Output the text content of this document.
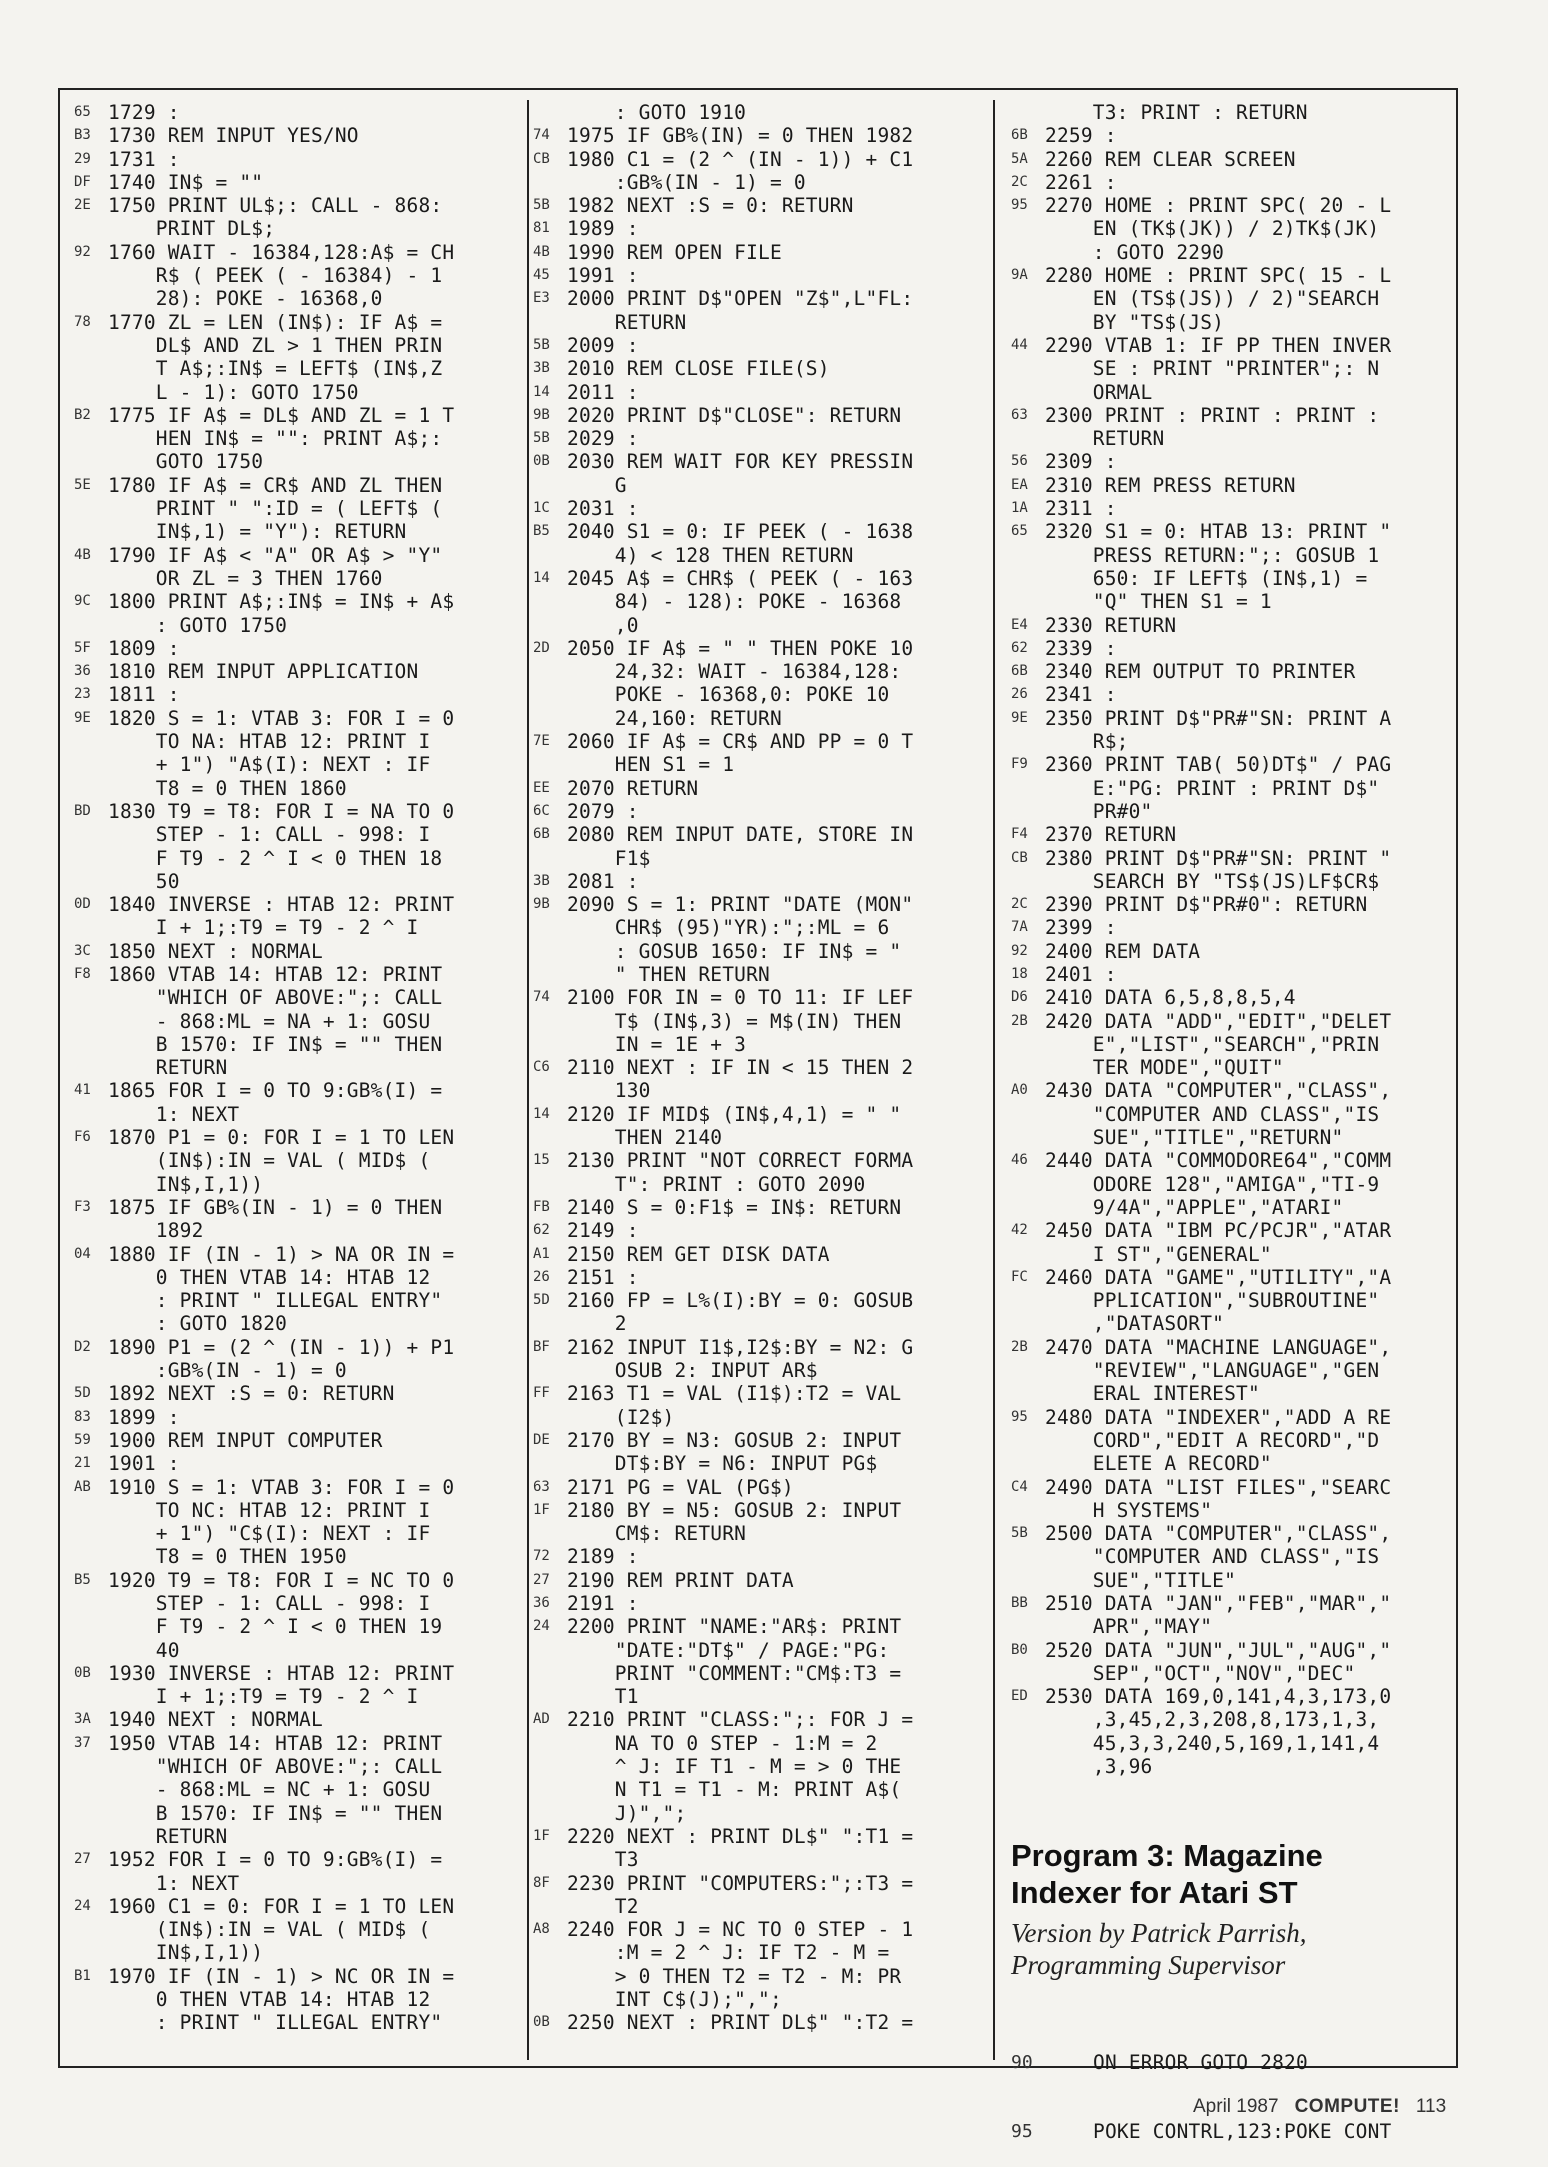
65 1729 :
B3 1730 REM INPUT YES/NO
29 1731 :
DF 1740 IN$ = ""
2E 1750 PRINT UL$;: CALL - 868:
PRINT DL$;
92 1760 WAIT - 16384,128:A$ = CH
R$ ( PEEK ( - 16384) - 1
28): POKE - 16368,0
78 1770 ZL = LEN (IN$): IF A$ =
DL$ AND ZL > 1 THEN PRIN
T A$;:IN$ = LEFT$ (IN$,Z
L - 1): GOTO 1750
B2 1775 IF A$ = DL$ AND ZL = 1 T
HEN IN$ = "": PRINT A$;:
GOTO 1750
5E 1780 IF A$ = CR$ AND ZL THEN
PRINT " ":ID = ( LEFT$ (
IN$,1) = "Y"): RETURN
4B 1790 IF A$ < "A" OR A$ > "Y"
OR ZL = 3 THEN 1760
9C 1800 PRINT A$;:IN$ = IN$ + A$
: GOTO 1750
5F 1809 :
36 1810 REM INPUT APPLICATION
23 1811 :
9E 1820 S = 1: VTAB 3: FOR I = 0
TO NA: HTAB 12: PRINT I
+ 1") "A$(I): NEXT : IF
T8 = 0 THEN 1860
BD 1830 T9 = T8: FOR I = NA TO 0
STEP - 1: CALL - 998: I
F T9 - 2 ^ I < 0 THEN 18
50
0D 1840 INVERSE : HTAB 12: PRINT
I + 1;:T9 = T9 - 2 ^ I
3C 1850 NEXT : NORMAL
F8 1860 VTAB 14: HTAB 12: PRINT
"WHICH OF ABOVE:";: CALL
- 868:ML = NA + 1: GOSU
B 1570: IF IN$ = "" THEN
RETURN
41 1865 FOR I = 0 TO 9:GB%(I) =
1: NEXT
F6 1870 P1 = 0: FOR I = 1 TO LEN
(IN$):IN = VAL ( MID$ (
IN$,I,1))
F3 1875 IF GB%(IN - 1) = 0 THEN
1892
04 1880 IF (IN - 1) > NA OR IN =
0 THEN VTAB 14: HTAB 12
: PRINT " ILLEGAL ENTRY"
: GOTO 1820
D2 1890 P1 = (2 ^ (IN - 1)) + P1
:GB%(IN - 1) = 0
5D 1892 NEXT :S = 0: RETURN
83 1899 :
59 1900 REM INPUT COMPUTER
21 1901 :
AB 1910 S = 1: VTAB 3: FOR I = 0
TO NC: HTAB 12: PRINT I
+ 1") "C$(I): NEXT : IF
T8 = 0 THEN 1950
B5 1920 T9 = T8: FOR I = NC TO 0
STEP - 1: CALL - 998: I
F T9 - 2 ^ I < 0 THEN 19
40
0B 1930 INVERSE : HTAB 12: PRINT
I + 1;:T9 = T9 - 2 ^ I
3A 1940 NEXT : NORMAL
37 1950 VTAB 14: HTAB 12: PRINT
"WHICH OF ABOVE:";: CALL
- 868:ML = NC + 1: GOSU
B 1570: IF IN$ = "" THEN
RETURN
27 1952 FOR I = 0 TO 9:GB%(I) =
1: NEXT
24 1960 C1 = 0: FOR I = 1 TO LEN
(IN$):IN = VAL ( MID$ (
IN$,I,1))
B1 1970 IF (IN - 1) > NC OR IN =
0 THEN VTAB 14: HTAB 12
: PRINT " ILLEGAL ENTRY"
: GOTO 1910
74 1975 IF GB%(IN) = 0 THEN 1982
CB 1980 C1 = (2 ^ (IN - 1)) + C1
:GB%(IN - 1) = 0
5B 1982 NEXT :S = 0: RETURN
81 1989 :
4B 1990 REM OPEN FILE
45 1991 :
E3 2000 PRINT D$"OPEN "Z$",L"FL:
RETURN
5B 2009 :
3B 2010 REM CLOSE FILE(S)
14 2011 :
9B 2020 PRINT D$"CLOSE": RETURN
5B 2029 :
0B 2030 REM WAIT FOR KEY PRESSIN
G
1C 2031 :
B5 2040 S1 = 0: IF PEEK ( - 1638
4) < 128 THEN RETURN
14 2045 A$ = CHR$ ( PEEK ( - 163
84) - 128): POKE - 16368
,0
2D 2050 IF A$ = " " THEN POKE 10
24,32: WAIT - 16384,128:
POKE - 16368,0: POKE 10
24,160: RETURN
7E 2060 IF A$ = CR$ AND PP = 0 T
HEN S1 = 1
EE 2070 RETURN
6C 2079 :
6B 2080 REM INPUT DATE, STORE IN
F1$
3B 2081 :
9B 2090 S = 1: PRINT "DATE (MON"
CHR$ (95)"YR):";:ML = 6
: GOSUB 1650: IF IN$ = "
" THEN RETURN
74 2100 FOR IN = 0 TO 11: IF LEF
T$ (IN$,3) = M$(IN) THEN
IN = 1E + 3
C6 2110 NEXT : IF IN < 15 THEN 2
130
14 2120 IF MID$ (IN$,4,1) = " "
THEN 2140
15 2130 PRINT "NOT CORRECT FORMA
T": PRINT : GOTO 2090
FB 2140 S = 0:F1$ = IN$: RETURN
62 2149 :
A1 2150 REM GET DISK DATA
26 2151 :
5D 2160 FP = L%(I):BY = 0: GOSUB
2
BF 2162 INPUT I1$,I2$:BY = N2: G
OSUB 2: INPUT AR$
FF 2163 T1 = VAL (I1$):T2 = VAL
(I2$)
DE 2170 BY = N3: GOSUB 2: INPUT
DT$:BY = N6: INPUT PG$
63 2171 PG = VAL (PG$)
1F 2180 BY = N5: GOSUB 2: INPUT
CM$: RETURN
72 2189 :
27 2190 REM PRINT DATA
36 2191 :
24 2200 PRINT "NAME:"AR$: PRINT
"DATE:"DT$" / PAGE:"PG:
PRINT "COMMENT:"CM$:T3 =
T1
AD 2210 PRINT "CLASS:";: FOR J =
NA TO 0 STEP - 1:M = 2
^ J: IF T1 - M = > 0 THE
N T1 = T1 - M: PRINT A$(
J)",";
1F 2220 NEXT : PRINT DL$" ":T1 =
T3
8F 2230 PRINT "COMPUTERS:";:T3 =
T2
A8 2240 FOR J = NC TO 0 STEP - 1
:M = 2 ^ J: IF T2 - M =
> 0 THEN T2 = T2 - M: PR
INT C$(J);",";
0B 2250 NEXT : PRINT DL$" ":T2 =
T3: PRINT : RETURN
6B 2259 :
5A 2260 REM CLEAR SCREEN
2C 2261 :
95 2270 HOME : PRINT SPC( 20 - L
EN (TK$(JK)) / 2)TK$(JK)
: GOTO 2290
9A 2280 HOME : PRINT SPC( 15 - L
EN (TS$(JS)) / 2)"SEARCH
BY "TS$(JS)
44 2290 VTAB 1: IF PP THEN INVER
SE : PRINT "PRINTER";: N
ORMAL
63 2300 PRINT : PRINT : PRINT :
RETURN
56 2309 :
EA 2310 REM PRESS RETURN
1A 2311 :
65 2320 S1 = 0: HTAB 13: PRINT "
PRESS RETURN:";: GOSUB 1
650: IF LEFT$ (IN$,1) =
"Q" THEN S1 = 1
E4 2330 RETURN
62 2339 :
6B 2340 REM OUTPUT TO PRINTER
26 2341 :
9E 2350 PRINT D$"PR#"SN: PRINT A
R$;
F9 2360 PRINT TAB( 50)DT$" / PAG
E:"PG: PRINT : PRINT D$"
PR#0"
F4 2370 RETURN
CB 2380 PRINT D$"PR#"SN: PRINT "
SEARCH BY "TS$(JS)LF$CR$
2C 2390 PRINT D$"PR#0": RETURN
7A 2399 :
92 2400 REM DATA
18 2401 :
D6 2410 DATA 6,5,8,8,5,4
2B 2420 DATA "ADD","EDIT","DELET
E","LIST","SEARCH","PRIN
TER MODE","QUIT"
A0 2430 DATA "COMPUTER","CLASS",
"COMPUTER AND CLASS","IS
SUE","TITLE","RETURN"
46 2440 DATA "COMMODORE64","COMM
ODORE 128","AMIGA","TI-9
9/4A","APPLE","ATARI"
42 2450 DATA "IBM PC/PCJR","ATAR
I ST","GENERAL"
FC 2460 DATA "GAME","UTILITY","A
PPLICATION","SUBROUTINE"
,"DATASORT"
2B 2470 DATA "MACHINE LANGUAGE",
"REVIEW","LANGUAGE","GEN
ERAL INTEREST"
95 2480 DATA "INDEXER","ADD A RE
CORD","EDIT A RECORD","D
ELETE A RECORD"
C4 2490 DATA "LIST FILES","SEARC
H SYSTEMS"
5B 2500 DATA "COMPUTER","CLASS",
"COMPUTER AND CLASS","IS
SUE","TITLE"
BB 2510 DATA "JAN","FEB","MAR","
APR","MAY"
B0 2520 DATA "JUN","JUL","AUG","
SEP","OCT","NOV","DEC"
ED 2530 DATA 169,0,141,4,3,173,0
,3,45,2,3,208,8,173,1,3,
45,3,3,240,5,169,1,141,4
,3,96
Program 3: Magazine
Indexer for Atari ST
Version by Patrick Parrish,
Programming Supervisor

90	ON ERROR GOTO 2820

95	POKE CONTRL,123:POKE CONT

April 1987 COMPUTE! 113
